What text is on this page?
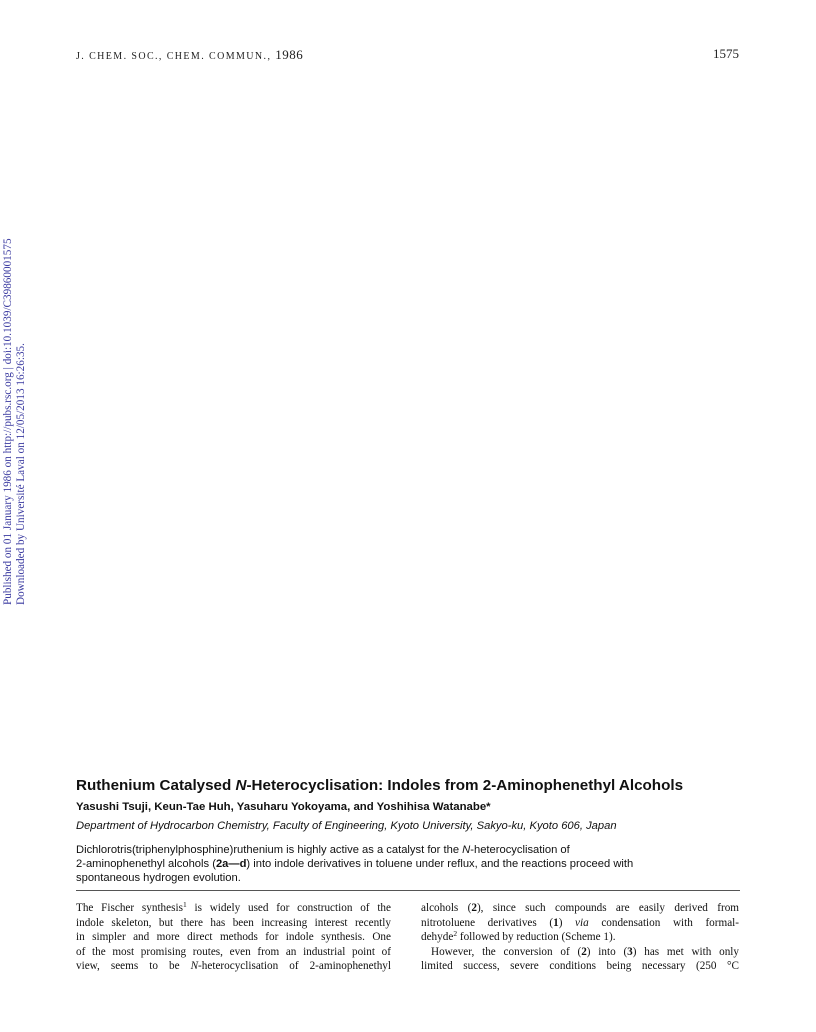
J. CHEM. SOC., CHEM. COMMUN., 1986	1575
Published on 01 January 1986 on http://pubs.rsc.org | doi:10.1039/C39860001575 Downloaded by Université Laval on 12/05/2013 16:26:35.
Ruthenium Catalysed N-Heterocyclisation: Indoles from 2-Aminophenethyl Alcohols
Yasushi Tsuji, Keun-Tae Huh, Yasuharu Yokoyama, and Yoshihisa Watanabe*
Department of Hydrocarbon Chemistry, Faculty of Engineering, Kyoto University, Sakyo-ku, Kyoto 606, Japan
Dichlorotris(triphenylphosphine)ruthenium is highly active as a catalyst for the N-heterocyclisation of
2-aminophenethyl alcohols (2a—d) into indole derivatives in toluene under reflux, and the reactions proceed with
spontaneous hydrogen evolution.
The Fischer synthesis$^1$ is widely used for construction of the
indole skeleton, but there has been increasing interest recently
in simpler and more direct methods for indole synthesis. One
of the most promising routes, even from an industrial point of
view, seems to be N-heterocyclisation of 2-aminophenethyl
alcohols (2), since such compounds are easily derived from
nitrotoluene derivatives (1) via condensation with formal-
dehyde$^2$ followed by reduction (Scheme 1).
However, the conversion of (2) into (3) has met with only
limited success, severe conditions being necessary (250 °C
